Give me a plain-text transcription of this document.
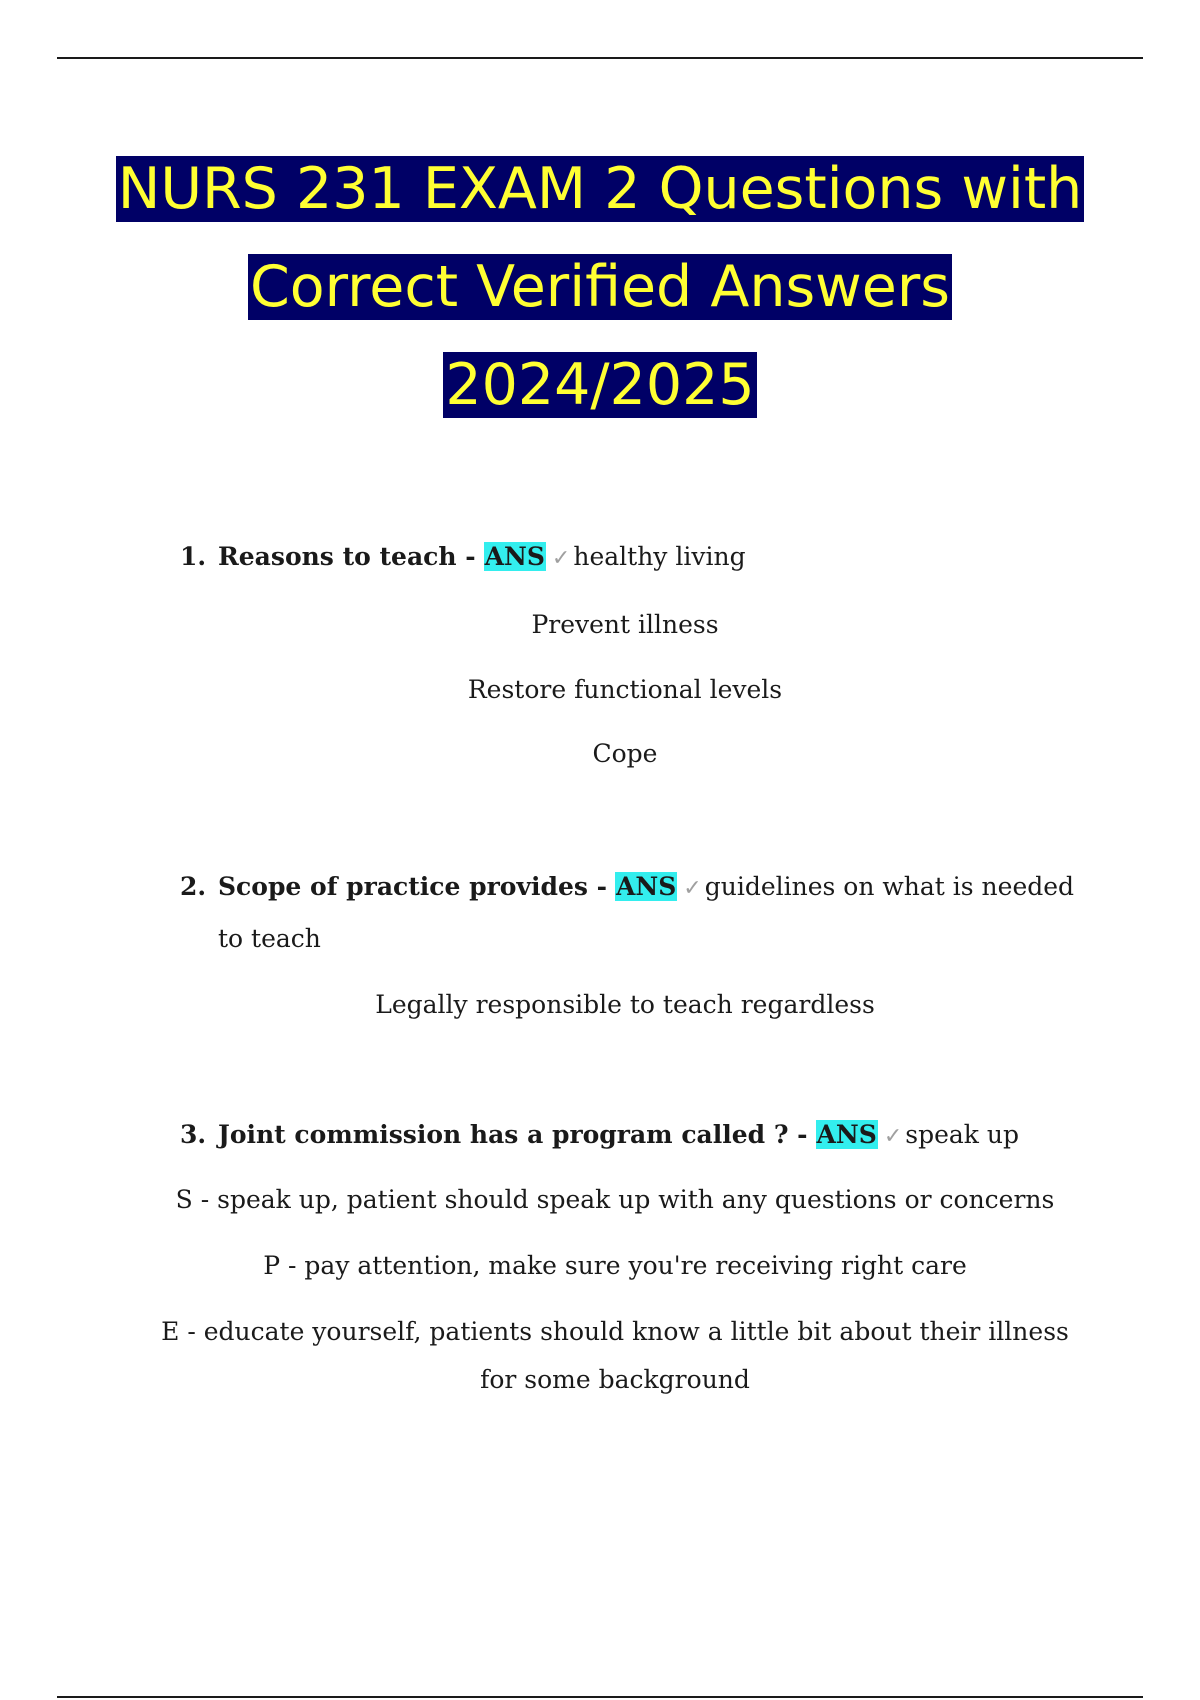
NURS 231 EXAM 2 Questions with
Correct Verified Answers
2024/2025
1. Reasons to teach - ANS ✓ healthy living
Prevent illness
Restore functional levels
Cope
2. Scope of practice provides - ANS ✓ guidelines on what is needed to teach
Legally responsible to teach regardless
3. Joint commission has a program called ? - ANS ✓ speak up
S - speak up, patient should speak up with any questions or concerns
P - pay attention, make sure you're receiving right care
E - educate yourself, patients should know a little bit about their illness for some background
